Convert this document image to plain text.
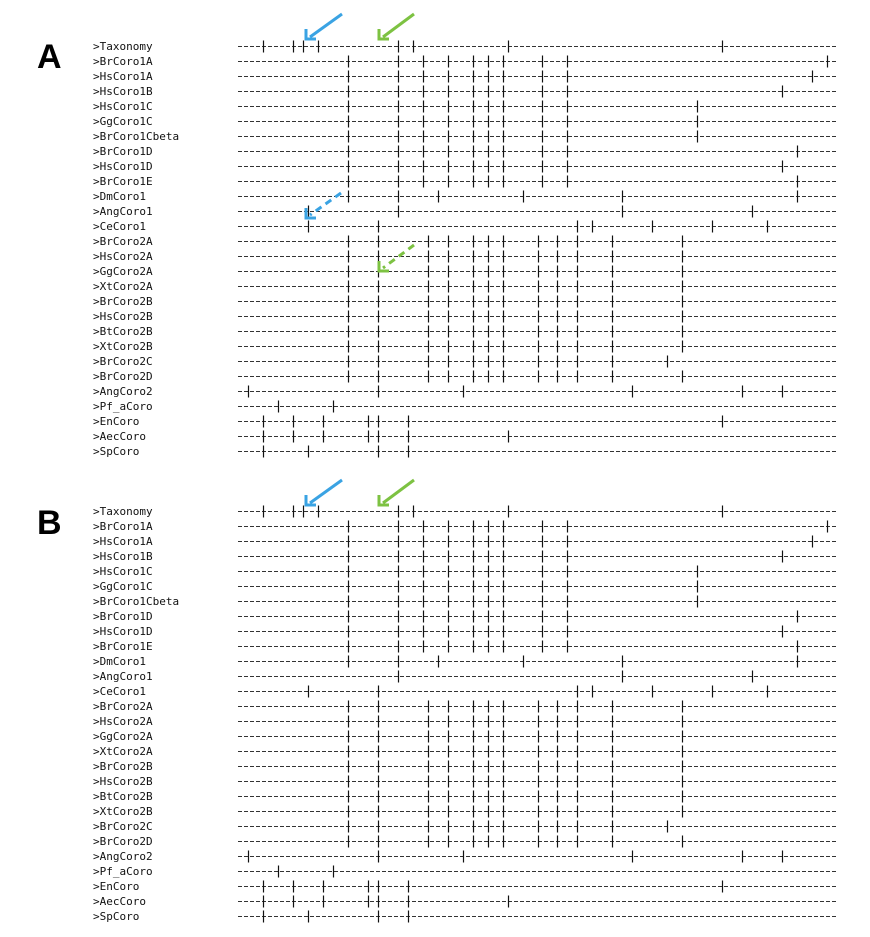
A	>Taxonomy
>BrCoro1A
>HsCoro1A
>HsCoro1B
>HsCoro1C
>GgCoro1C
>BrCoro1Cbeta
>BrCoro1D
>HsCoro1D
>BrCoro1E
>DmCoro1
>AngCoro1
>CeCoro1
>BrCoro2A
>HsCoro2A
>GgCoro2A
>XtCoro2A
>BrCoro2B
>HsCoro2B
>BtCoro2B
>XtCoro2B
>BrCoro2C
>BrCoro2D
>AngCoro2
>Pf_aCoro
>EnCoro
>AecCoro
>SpCoro
B	>Taxonomy
>BrCoro1A
>HsCoro1A
>HsCoro1B
>HsCoro1C
>GgCoro1C
>BrCoro1Cbeta
>BrCoro1D
>HsCoro1D
>BrCoro1E
>DmCoro1
>AngCoro1
>CeCoro1
>BrCoro2A
>HsCoro2A
>GgCoro2A
>XtCoro2A
>BrCoro2B
>HsCoro2B
>BtCoro2B
>XtCoro2B
>BrCoro2C
>BrCoro2D
>AngCoro2
>Pf_aCoro
>EnCoro
>AecCoro
>SpCoro
